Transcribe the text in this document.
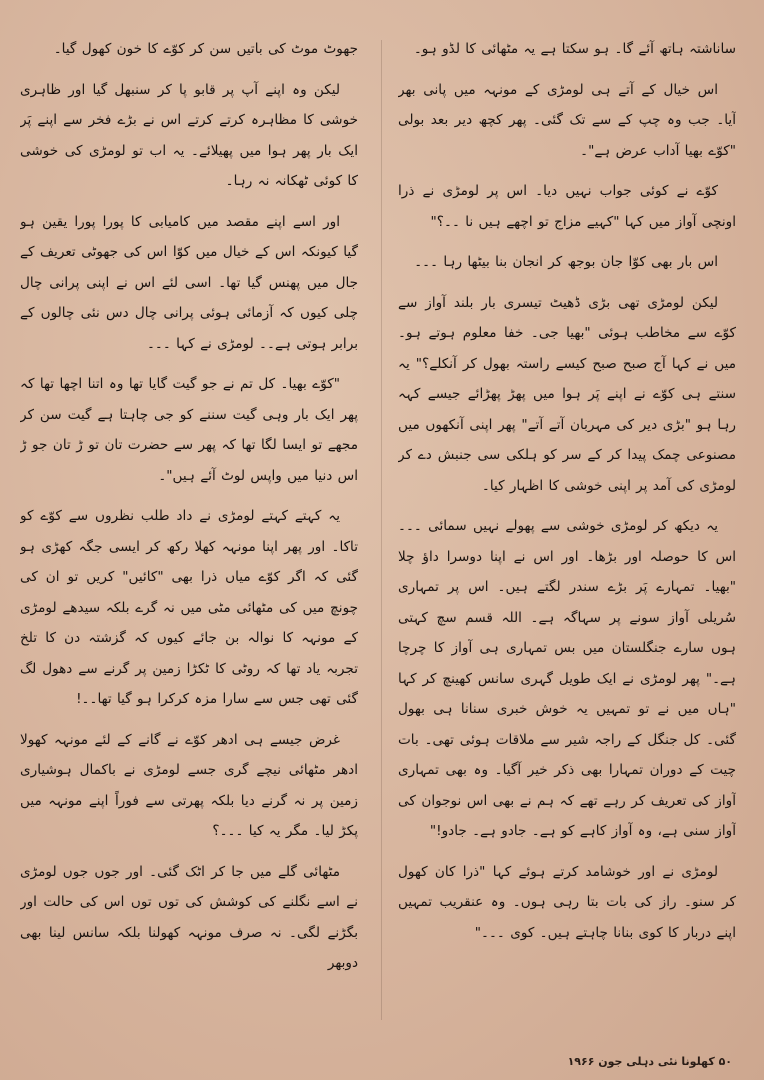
ساناشتہ ہاتھ آئے گا۔ ہو سکتا ہے یہ مٹھائی کا لڈو ہو۔

اس خیال کے آتے ہی لومڑی کے مونہہ میں پانی بھر آیا۔ جب وہ چپ کے سے تک گئی۔ پھر کچھ دیر بعد بولی "کوّے بھیا آداب عرض ہے"۔

کوّے نے کوئی جواب نہیں دیا۔ اس پر لومڑی نے ذرا اونچی آواز میں کہا "کہیے مزاج تو اچھے ہیں نا ۔۔؟"

اس بار بھی کوّا جان بوجھ کر انجان بنا بیٹھا رہا ۔۔۔

لیکن لومڑی تھی بڑی ڈھیٹ تیسری بار بلند آواز سے کوّے سے مخاطب ہوئی "بھیا جی۔ خفا معلوم ہوتے ہو۔ میں نے کہا آج صبح صبح کیسے راستہ بھول کر آنکلے؟" یہ سنتے ہی کوّے نے اپنے پَر ہوا میں پھڑ پھڑائے جیسے کہہ رہا ہو "بڑی دیر کی مہربان آتے آتے" پھر اپنی آنکھوں میں مصنوعی چمک پیدا کر کے سر کو ہلکی سی جنبش دے کر لومڑی کی آمد پر اپنی خوشی کا اظہار کیا۔

یہ دیکھ کر لومڑی خوشی سے پھولے نہیں سمائی ۔۔۔ اس کا حوصلہ اور بڑھا۔ اور اس نے اپنا دوسرا داؤ چلا "بھیا۔ تمہارے پَر بڑے سندر لگتے ہیں۔ اس پر تمہاری سُریلی آواز سونے پر سہاگہ ہے۔ اللہ قسم سچ کہتی ہوں سارے جنگلستان میں بس تمہاری ہی آواز کا چرچا ہے۔" پھر لومڑی نے ایک طویل گہری سانس کھینچ کر کہا "ہاں میں نے تو تمہیں یہ خوش خبری سنانا ہی بھول گئی۔ کل جنگل کے راجہ شیر سے ملاقات ہوئی تھی۔ بات چیت کے دوران تمہارا بھی ذکر خیر آگیا۔ وہ بھی تمہاری آواز کی تعریف کر رہے تھے کہ ہم نے بھی اس نوجوان کی آواز سنی ہے، وہ آواز کاہے کو ہے۔ جادو ہے۔ جادو!"

لومڑی نے اور خوشامد کرتے ہوئے کہا "ذرا کان کھول کر سنو۔ راز کی بات بتا رہی ہوں۔ وہ عنقریب تمہیں اپنے دربار کا کوی بنانا چاہتے ہیں۔ کوی ۔۔۔"

جھوٹ موٹ کی باتیں سن کر کوّے کا خون کھول گیا۔

لیکن وہ اپنے آپ پر قابو پا کر سنبھل گیا اور ظاہری خوشی کا مظاہرہ کرتے کرتے اس نے بڑے فخر سے اپنے پَر ایک بار پھر ہوا میں پھیلائے۔ یہ اب تو لومڑی کی خوشی کا کوئی ٹھکانہ نہ رہا۔

اور اسے اپنے مقصد میں کامیابی کا پورا پورا یقین ہو گیا کیونکہ اس کے خیال میں کوّا اس کی جھوٹی تعریف کے جال میں پھنس گیا تھا۔ اسی لئے اس نے اپنی پرانی چال چلی کیوں کہ آزمائی ہوئی پرانی چال دس نئی چالوں کے برابر ہوتی ہے۔۔ لومڑی نے کہا ۔۔۔

"کوّے بھیا۔ کل تم نے جو گیت گایا تھا وہ اتنا اچھا تھا کہ پھر ایک بار وہی گیت سننے کو جی چاہتا ہے گیت سن کر مجھے تو ایسا لگا تھا کہ پھر سے حضرت تان تو ڑ تان جو ڑ اس دنیا میں واپس لوٹ آئے ہیں"۔

یہ کہتے کہتے لومڑی نے داد طلب نظروں سے کوّے کو تاکا۔ اور پھر اپنا مونہہ کھلا رکھ کر ایسی جگہ کھڑی ہو گئی کہ اگر کوّے میاں ذرا بھی "کائیں" کریں تو ان کی چونچ میں کی مٹھائی مٹی میں نہ گرے بلکہ سیدھے لومڑی کے مونہہ کا نوالہ بن جائے کیوں کہ گزشتہ دن کا تلخ تجربہ یاد تھا کہ روٹی کا ٹکڑا زمین پر گرنے سے دھول لگ گئی تھی جس سے سارا مزہ کرکرا ہو گیا تھا۔۔!

غرض جیسے ہی ادھر کوّے نے گانے کے لئے مونہہ کھولا ادھر مٹھائی نیچے گری جسے لومڑی نے باکمال ہوشیاری زمین پر نہ گرنے دیا بلکہ پھرتی سے فوراً اپنے مونہہ میں پکڑ لیا۔ مگر یہ کیا ۔۔۔؟

مٹھائی گلے میں جا کر اٹک گئی۔ اور جوں جوں لومڑی نے اسے نگلنے کی کوشش کی توں توں اس کی حالت اور بگڑنے لگی۔ نہ صرف مونہہ کھولنا بلکہ سانس لینا بھی دوبھر

۵۰ کھلونا نئی دہلی جون ۱۹۶۶
